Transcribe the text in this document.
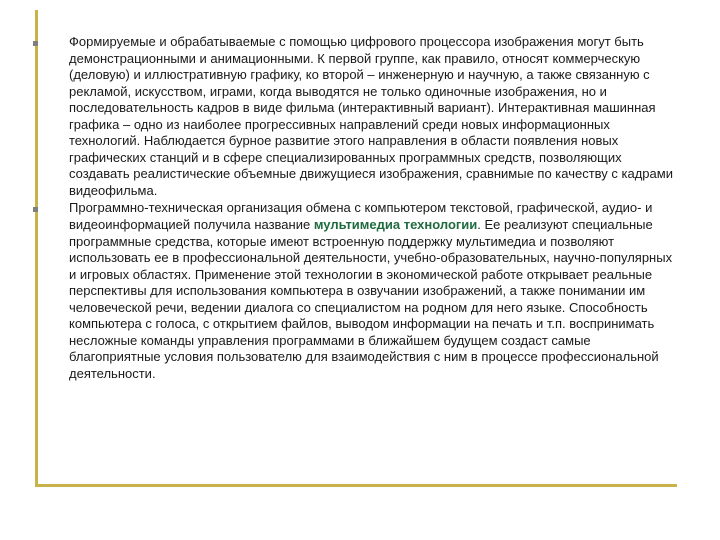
Формируемые и обрабатываемые с помощью цифрового процессора изображения могут быть демонстрационными и анимационными. К первой группе, как правило, относят коммерческую (деловую) и иллюстративную графику, ко второй – инженерную и научную, а также связанную с рекламой, искусством, играми, когда выводятся не только одиночные изображения, но и последовательность кадров в виде фильма (интерактивный вариант). Интерактивная машинная графика – одно из наиболее прогрессивных направлений среди новых информационных технологий. Наблюдается бурное развитие этого направления в области появления новых графических станций и в сфере специализированных программных средств, позволяющих создавать реалистические объемные движущиеся изображения, сравнимые по качеству с кадрами видеофильма.

Программно-техническая организация обмена с компьютером текстовой, графической, аудио- и видеоинформацией получила название мультимедиа технологии. Ее реализуют специальные программные средства, которые имеют встроенную поддержку мультимедиа и позволяют использовать ее в профессиональной деятельности, учебно-образовательных, научно-популярных и игровых областях. Применение этой технологии в экономической работе открывает реальные перспективы для использования компьютера в озвучании изображений, а также понимании им человеческой речи, ведении диалога со специалистом на родном для него языке. Способность компьютера с голоса, с открытием файлов, выводом информации на печать и т.п. воспринимать несложные команды управления программами в ближайшем будущем создаст самые благоприятные условия пользователю для взаимодействия с ним в процессе профессиональной деятельности.
